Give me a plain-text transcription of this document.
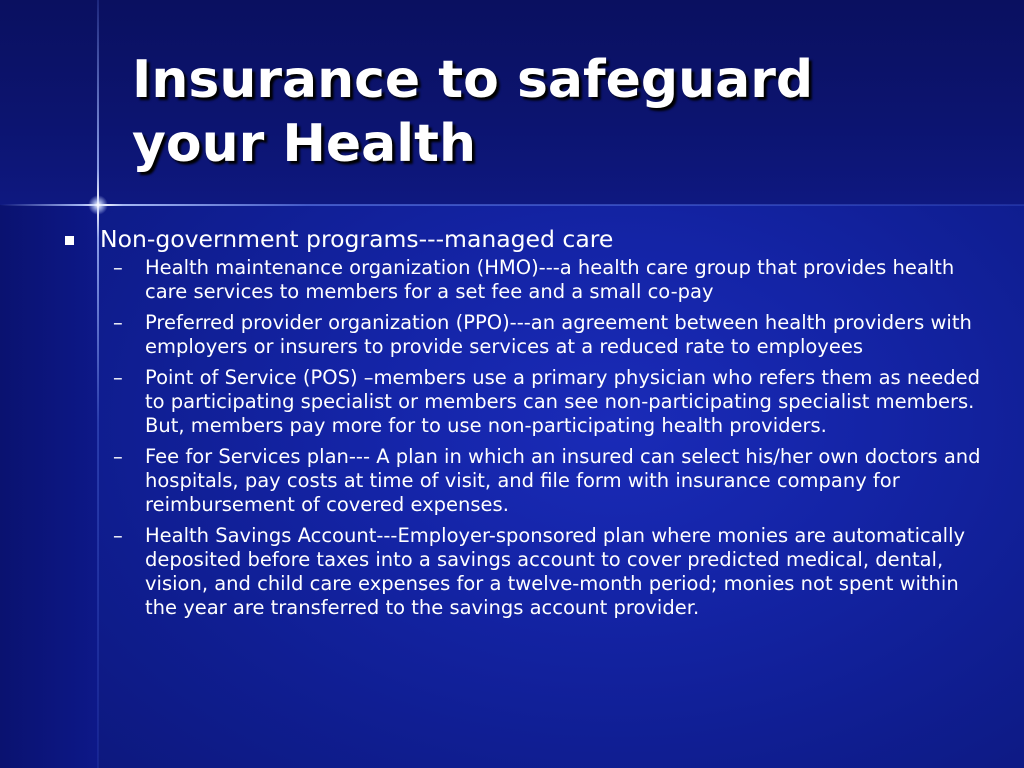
Insurance to safeguard
your Health
Non-government programs---managed care
– Health maintenance organization (HMO)---a health care group that provides health care services to members for a set fee and a small co-pay
– Preferred provider organization (PPO)---an agreement between health providers with employers or insurers to provide services at a reduced rate to employees
– Point of Service (POS) –members use a primary physician who refers them as needed to participating specialist or members can see non-participating specialist members. But, members pay more for to use non-participating health providers.
– Fee for Services plan--- A plan in which an insured can select his/her own doctors and hospitals, pay costs at time of visit, and file form with insurance company for reimbursement of covered expenses.
– Health Savings Account---Employer-sponsored plan where monies are automatically deposited before taxes into a savings account to cover predicted medical, dental, vision, and child care expenses for a twelve-month period; monies not spent within the year are transferred to the savings account provider.
